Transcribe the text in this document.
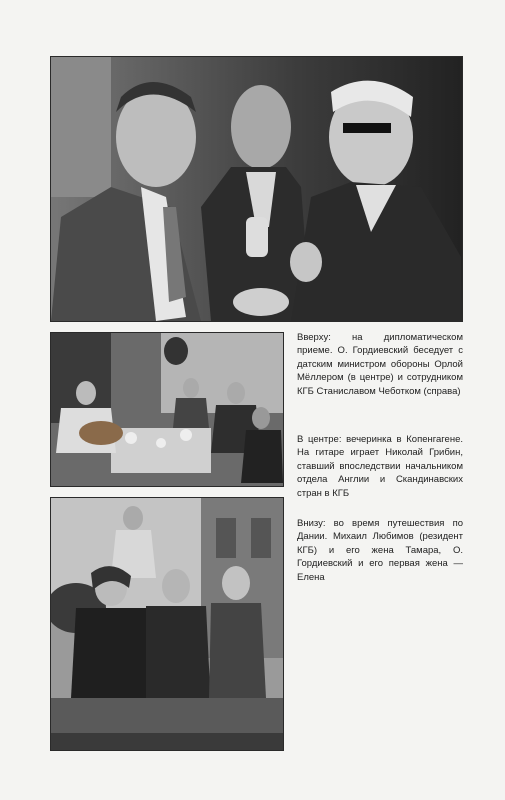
Вверху: на дипломатическом приеме. О. Гордиевский беседует с датским министром обороны Орлой Мёллером (в центре) и сотрудником КГБ Станиславом Чеботком (справа)
В центре: вечеринка в Копенгагене. На гитаре играет Николай Грибин, ставший впоследствии начальником отдела Англии и Скандинавских стран в КГБ
Внизу: во время путешествия по Дании. Михаил Любимов (резидент КГБ) и его жена Тамара, О. Гордиевский и его первая жена — Елена
